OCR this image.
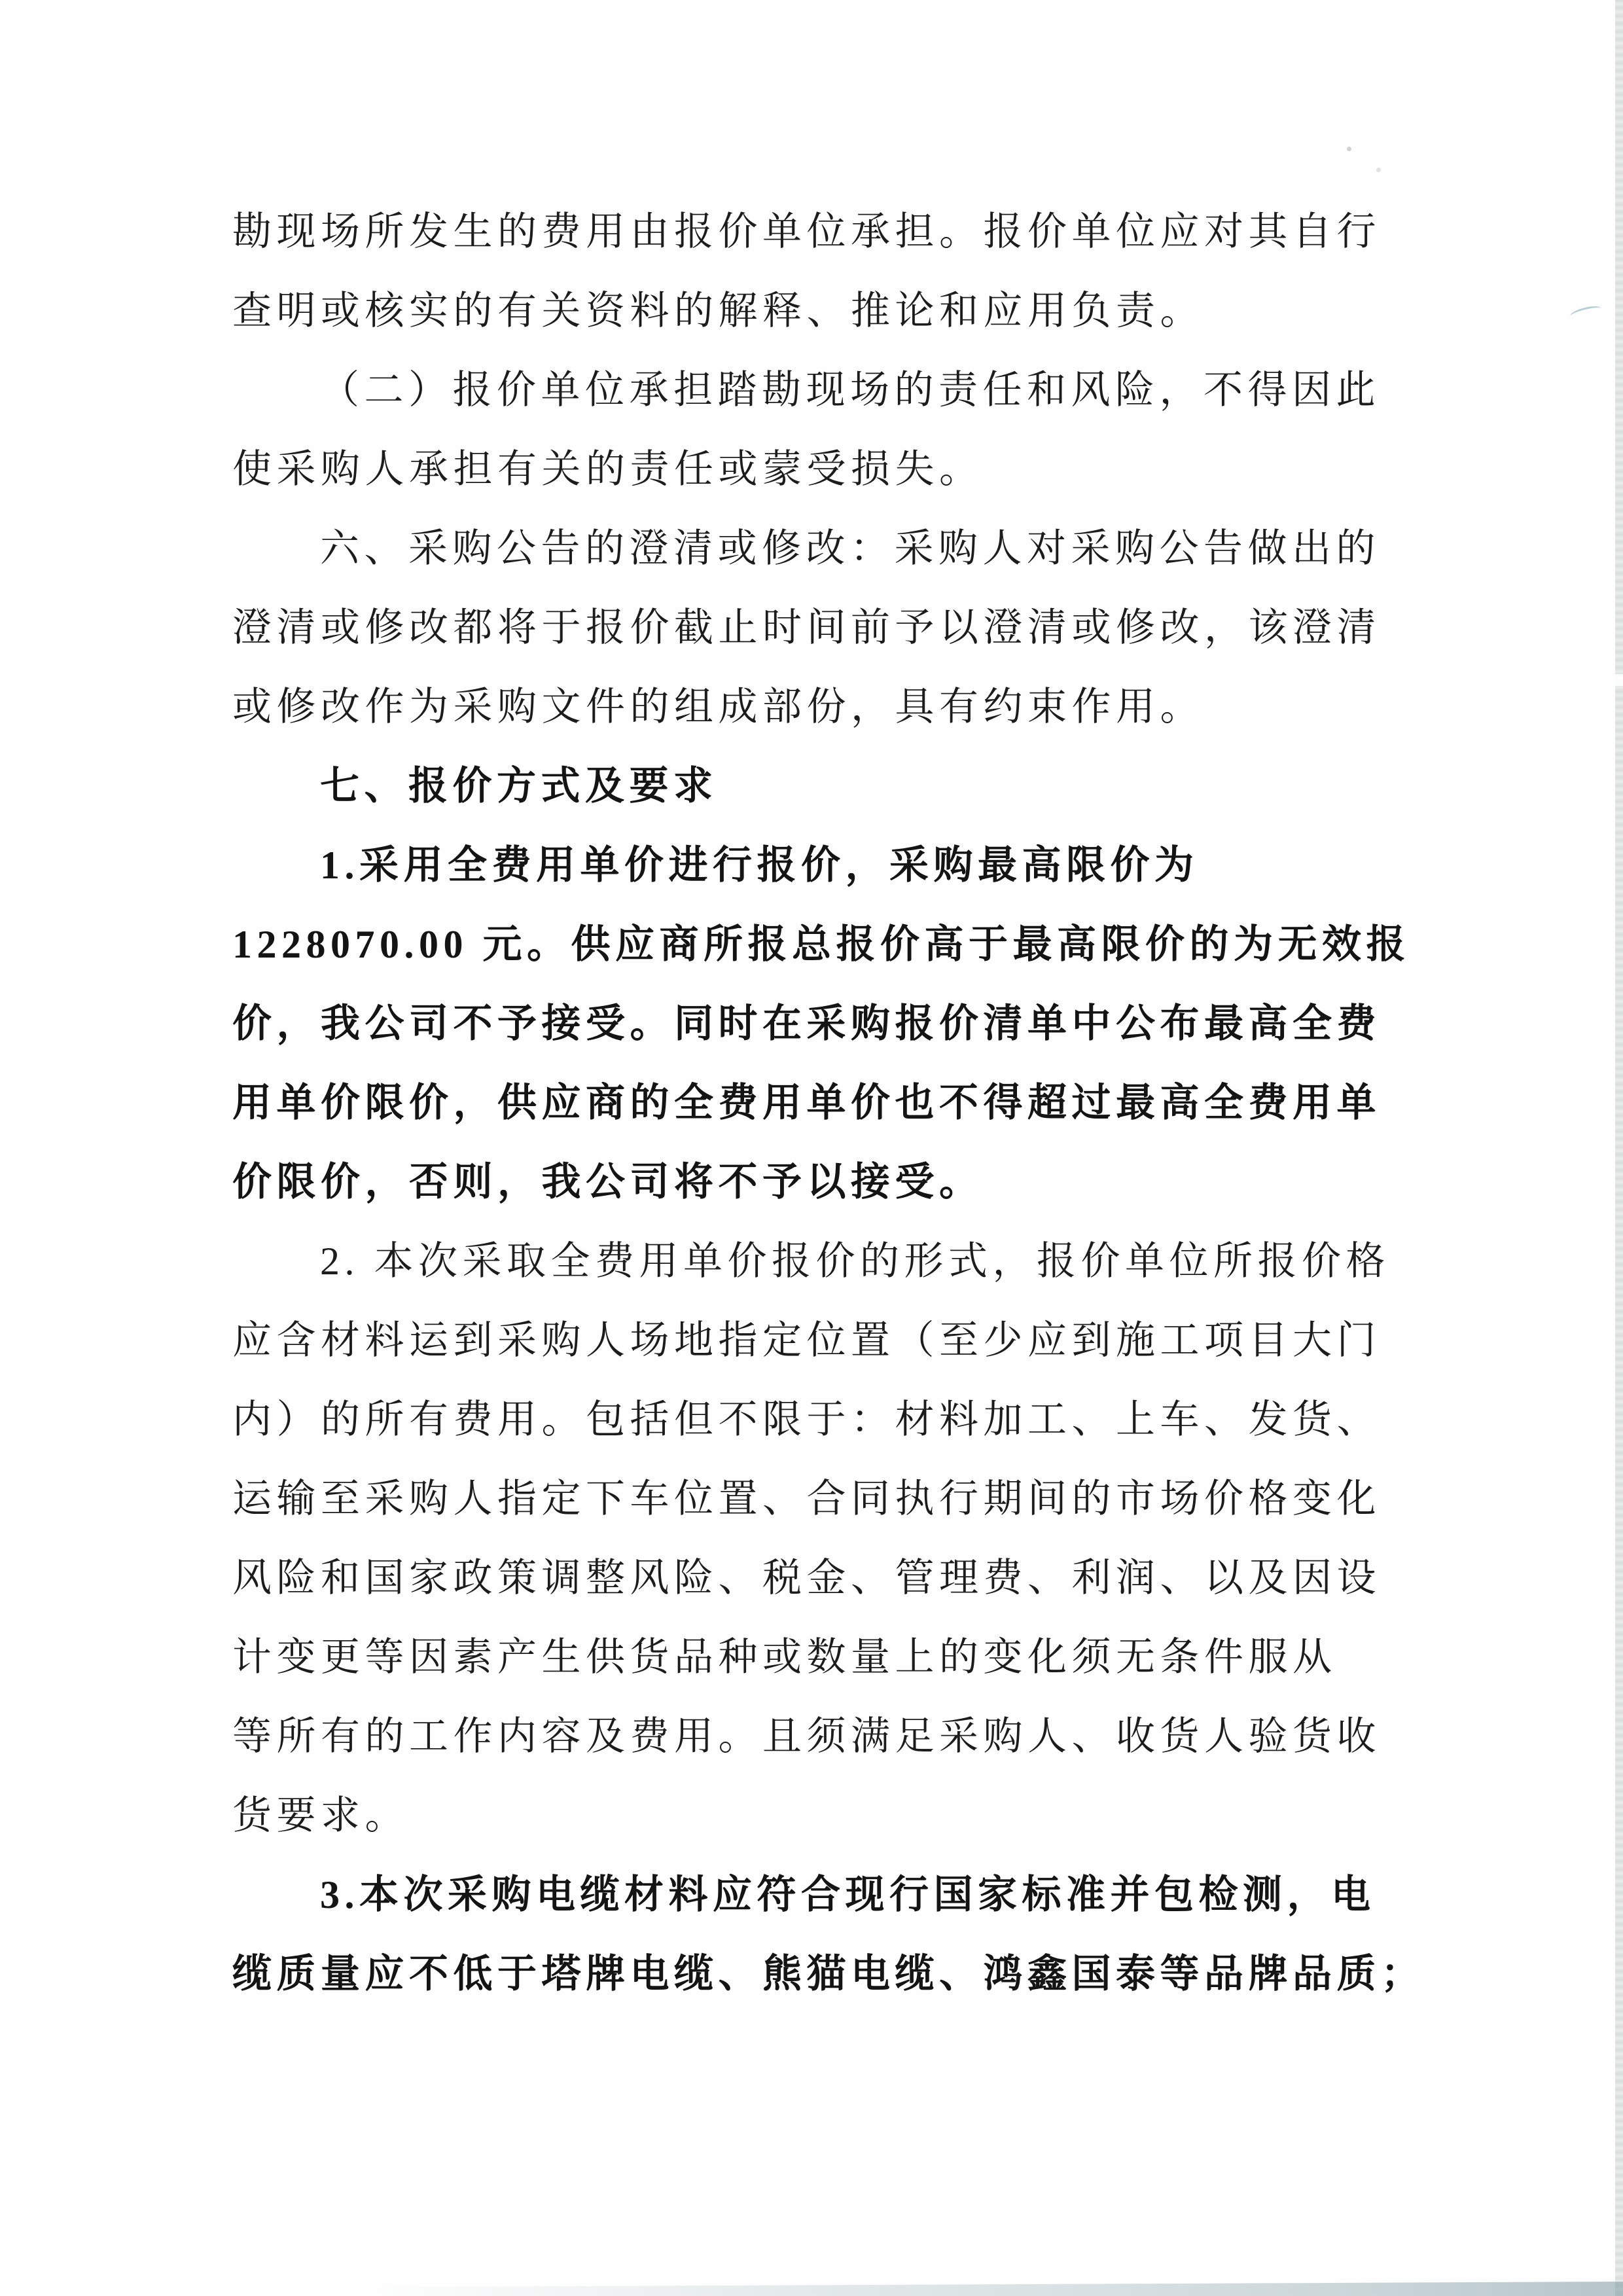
勘现场所发生的费用由报价单位承担。报价单位应对其自行
查明或核实的有关资料的解释、推论和应用负责。
（二）报价单位承担踏勘现场的责任和风险，不得因此
使采购人承担有关的责任或蒙受损失。
六、采购公告的澄清或修改：采购人对采购公告做出的
澄清或修改都将于报价截止时间前予以澄清或修改，该澄清
或修改作为采购文件的组成部份，具有约束作用。
七、报价方式及要求
1.采用全费用单价进行报价，采购最高限价为
1228070.00 元。供应商所报总报价高于最高限价的为无效报
价，我公司不予接受。同时在采购报价清单中公布最高全费
用单价限价，供应商的全费用单价也不得超过最高全费用单
价限价，否则，我公司将不予以接受。
2. 本次采取全费用单价报价的形式，报价单位所报价格
应含材料运到采购人场地指定位置（至少应到施工项目大门
内）的所有费用。包括但不限于：材料加工、上车、发货、
运输至采购人指定下车位置、合同执行期间的市场价格变化
风险和国家政策调整风险、税金、管理费、利润、以及因设
计变更等因素产生供货品种或数量上的变化须无条件服从
等所有的工作内容及费用。且须满足采购人、收货人验货收
货要求。
3.本次采购电缆材料应符合现行国家标准并包检测，电
缆质量应不低于塔牌电缆、熊猫电缆、鸿鑫国泰等品牌品质；
